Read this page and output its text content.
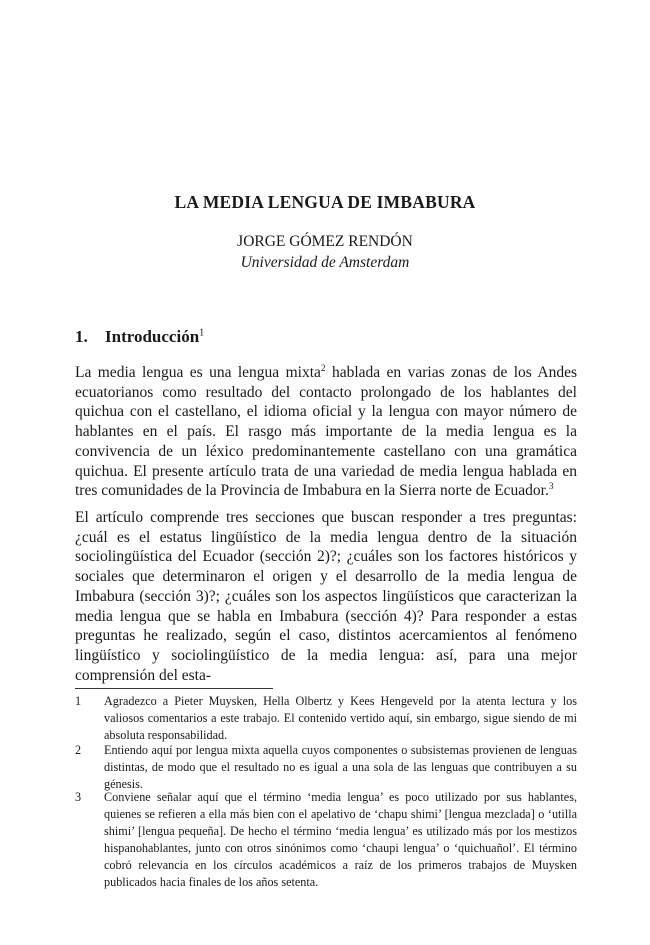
LA MEDIA LENGUA DE IMBABURA
JORGE GÓMEZ RENDÓN
Universidad de Amsterdam
1. Introducción$^1$

La media lengua es una lengua mixta$^2$ hablada en varias zonas de los Andes ecuatorianos como resultado del contacto prolongado de los hablantes del quichua con el castellano, el idioma oficial y la lengua con mayor número de hablantes en el país. El rasgo más importante de la media lengua es la convivencia de un léxico predominantemente castellano con una gramática quichua. El presente artículo trata de una variedad de media lengua hablada en tres comunidades de la Provincia de Imbabura en la Sierra norte de Ecuador.$^3$

El artículo comprende tres secciones que buscan responder a tres preguntas: ¿cuál es el estatus lingüístico de la media lengua dentro de la situación sociolingüística del Ecuador (sección 2)?; ¿cuáles son los factores históricos y sociales que determinaron el origen y el desarrollo de la media lengua de Imbabura (sección 3)?; ¿cuáles son los aspectos lingüísticos que caracterizan la media lengua que se habla en Imbabura (sección 4)? Para responder a estas preguntas he realizado, según el caso, distintos acercamientos al fenómeno lingüístico y sociolingüístico de la media lengua: así, para una mejor comprensión del esta-

1 Agradezco a Pieter Muysken, Hella Olbertz y Kees Hengeveld por la atenta lectura y los valiosos comentarios a este trabajo. El contenido vertido aquí, sin embargo, sigue siendo de mi absoluta responsabilidad.
2 Entiendo aquí por lengua mixta aquella cuyos componentes o subsistemas provienen de lenguas distintas, de modo que el resultado no es igual a una sola de las lenguas que contribuyen a su génesis.
3 Conviene señalar aquí que el término ‘media lengua’ es poco utilizado por sus hablantes, quienes se refieren a ella más bien con el apelativo de ‘chapu shimi’ [lengua mezclada] o ‘utilla shimi’ [lengua pequeña]. De hecho el término ‘media lengua’ es utilizado más por los mestizos hispanohablantes, junto con otros sinónimos como ‘chaupi lengua’ o ‘quichuañol’. El término cobró relevancia en los círculos académicos a raíz de los primeros trabajos de Muysken publicados hacia finales de los años setenta.
